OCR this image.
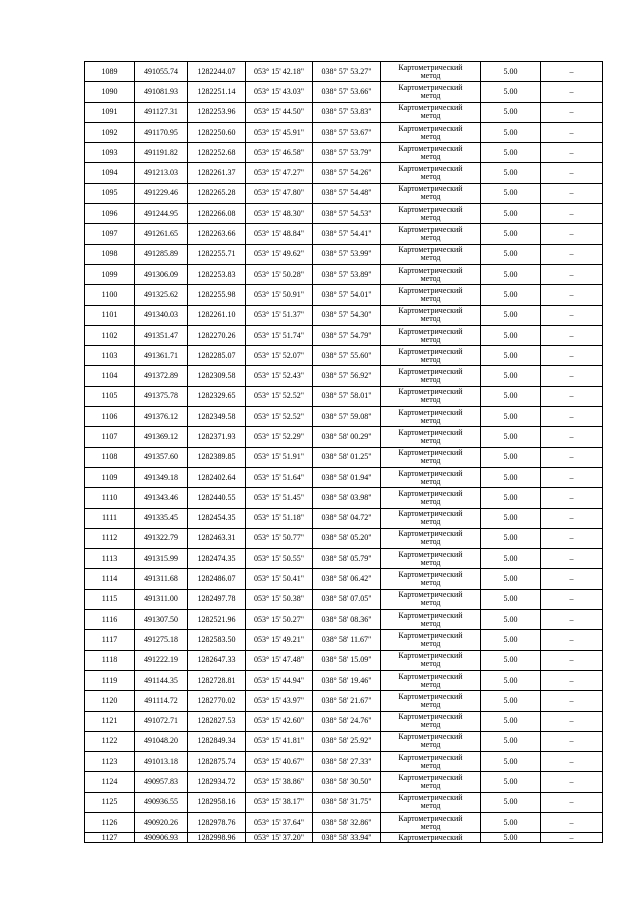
1089	491055.74	1282244.07	053° 15' 42.18"	038° 57' 53.27"	Картометрический
метод	5.00	–
1090	491081.93	1282251.14	053° 15' 43.03"	038° 57' 53.66"	Картометрический
метод	5.00	–
1091	491127.31	1282253.96	053° 15' 44.50"	038° 57' 53.83"	Картометрический
метод	5.00	–
1092	491170.95	1282250.60	053° 15' 45.91"	038° 57' 53.67"	Картометрический
метод	5.00	–
1093	491191.82	1282252.68	053° 15' 46.58"	038° 57' 53.79"	Картометрический
метод	5.00	–
1094	491213.03	1282261.37	053° 15' 47.27"	038° 57' 54.26"	Картометрический
метод	5.00	–
1095	491229.46	1282265.28	053° 15' 47.80"	038° 57' 54.48"	Картометрический
метод	5.00	–
1096	491244.95	1282266.08	053° 15' 48.30"	038° 57' 54.53"	Картометрический
метод	5.00	–
1097	491261.65	1282263.66	053° 15' 48.84"	038° 57' 54.41"	Картометрический
метод	5.00	–
1098	491285.89	1282255.71	053° 15' 49.62"	038° 57' 53.99"	Картометрический
метод	5.00	–
1099	491306.09	1282253.83	053° 15' 50.28"	038° 57' 53.89"	Картометрический
метод	5.00	–
1100	491325.62	1282255.98	053° 15' 50.91"	038° 57' 54.01"	Картометрический
метод	5.00	–
1101	491340.03	1282261.10	053° 15' 51.37"	038° 57' 54.30"	Картометрический
метод	5.00	–
1102	491351.47	1282270.26	053° 15' 51.74"	038° 57' 54.79"	Картометрический
метод	5.00	–
1103	491361.71	1282285.07	053° 15' 52.07"	038° 57' 55.60"	Картометрический
метод	5.00	–
1104	491372.89	1282309.58	053° 15' 52.43"	038° 57' 56.92"	Картометрический
метод	5.00	–
1105	491375.78	1282329.65	053° 15' 52.52"	038° 57' 58.01"	Картометрический
метод	5.00	–
1106	491376.12	1282349.58	053° 15' 52.52"	038° 57' 59.08"	Картометрический
метод	5.00	–
1107	491369.12	1282371.93	053° 15' 52.29"	038° 58' 00.29"	Картометрический
метод	5.00	–
1108	491357.60	1282389.85	053° 15' 51.91"	038° 58' 01.25"	Картометрический
метод	5.00	–
1109	491349.18	1282402.64	053° 15' 51.64"	038° 58' 01.94"	Картометрический
метод	5.00	–
1110	491343.46	1282440.55	053° 15' 51.45"	038° 58' 03.98"	Картометрический
метод	5.00	–
1111	491335.45	1282454.35	053° 15' 51.18"	038° 58' 04.72"	Картометрический
метод	5.00	–
1112	491322.79	1282463.31	053° 15' 50.77"	038° 58' 05.20"	Картометрический
метод	5.00	–
1113	491315.99	1282474.35	053° 15' 50.55"	038° 58' 05.79"	Картометрический
метод	5.00	–
1114	491311.68	1282486.07	053° 15' 50.41"	038° 58' 06.42"	Картометрический
метод	5.00	–
1115	491311.00	1282497.78	053° 15' 50.38"	038° 58' 07.05"	Картометрический
метод	5.00	–
1116	491307.50	1282521.96	053° 15' 50.27"	038° 58' 08.36"	Картометрический
метод	5.00	–
1117	491275.18	1282583.50	053° 15' 49.21"	038° 58' 11.67"	Картометрический
метод	5.00	–
1118	491222.19	1282647.33	053° 15' 47.48"	038° 58' 15.09"	Картометрический
метод	5.00	–
1119	491144.35	1282728.81	053° 15' 44.94"	038° 58' 19.46"	Картометрический
метод	5.00	–
1120	491114.72	1282770.02	053° 15' 43.97"	038° 58' 21.67"	Картометрический
метод	5.00	–
1121	491072.71	1282827.53	053° 15' 42.60"	038° 58' 24.76"	Картометрический
метод	5.00	–
1122	491048.20	1282849.34	053° 15' 41.81"	038° 58' 25.92"	Картометрический
метод	5.00	–
1123	491013.18	1282875.74	053° 15' 40.67"	038° 58' 27.33"	Картометрический
метод	5.00	–
1124	490957.83	1282934.72	053° 15' 38.86"	038° 58' 30.50"	Картометрический
метод	5.00	–
1125	490936.55	1282958.16	053° 15' 38.17"	038° 58' 31.75"	Картометрический
метод	5.00	–
1126	490920.26	1282978.76	053° 15' 37.64"	038° 58' 32.86"	Картометрический
метод	5.00	–
1127	490906.93	1282998.96	053° 15' 37.20"	038° 58' 33.94"	Картометрический	5.00	–
